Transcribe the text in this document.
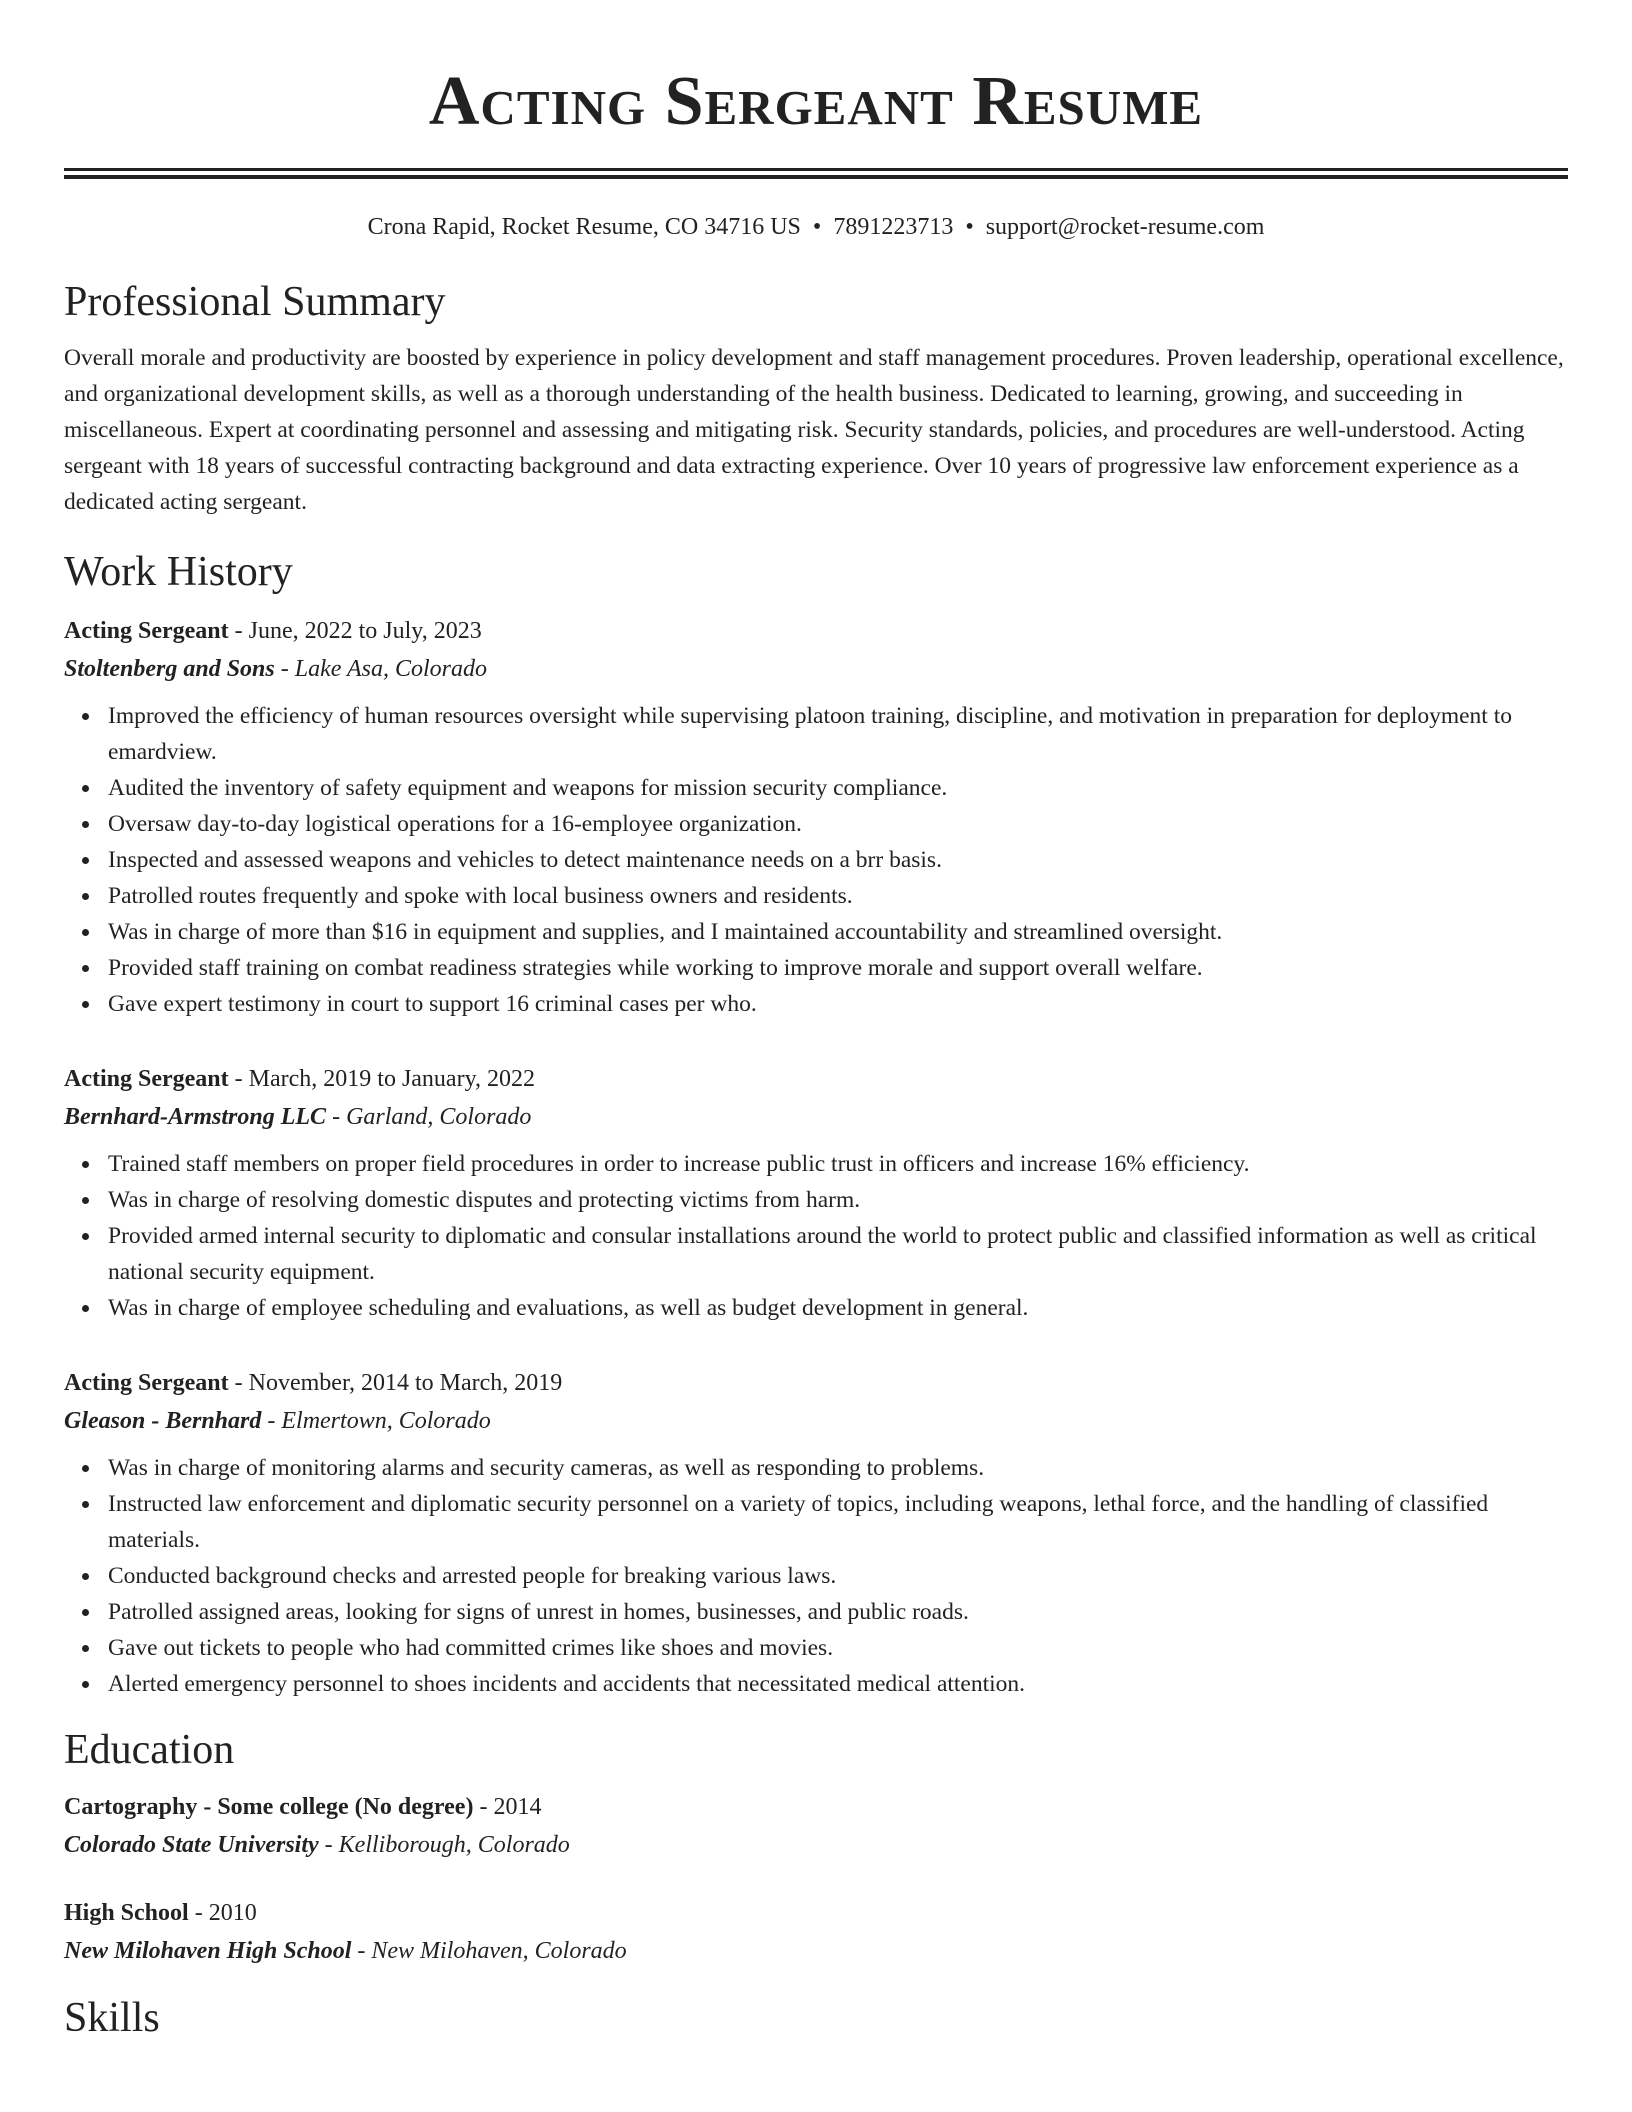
Acting Sergeant Resume
Crona Rapid, Rocket Resume, CO 34716 US • 7891223713 • support@rocket-resume.com
Professional Summary

Overall morale and productivity are boosted by experience in policy development and staff management procedures. Proven leadership, operational excellence, and organizational development skills, as well as a thorough understanding of the health business. Dedicated to learning, growing, and succeeding in miscellaneous. Expert at coordinating personnel and assessing and mitigating risk. Security standards, policies, and procedures are well-understood. Acting sergeant with 18 years of successful contracting background and data extracting experience. Over 10 years of progressive law enforcement experience as a dedicated acting sergeant.

Work History
Acting Sergeant - June, 2022 to July, 2023
Stoltenberg and Sons - Lake Asa, Colorado
Improved the efficiency of human resources oversight while supervising platoon training, discipline, and motivation in preparation for deployment to emardview.
Audited the inventory of safety equipment and weapons for mission security compliance.
Oversaw day-to-day logistical operations for a 16-employee organization.
Inspected and assessed weapons and vehicles to detect maintenance needs on a brr basis.
Patrolled routes frequently and spoke with local business owners and residents.
Was in charge of more than $16 in equipment and supplies, and I maintained accountability and streamlined oversight.
Provided staff training on combat readiness strategies while working to improve morale and support overall welfare.
Gave expert testimony in court to support 16 criminal cases per who.
Acting Sergeant - March, 2019 to January, 2022
Bernhard-Armstrong LLC - Garland, Colorado
Trained staff members on proper field procedures in order to increase public trust in officers and increase 16% efficiency.
Was in charge of resolving domestic disputes and protecting victims from harm.
Provided armed internal security to diplomatic and consular installations around the world to protect public and classified information as well as critical national security equipment.
Was in charge of employee scheduling and evaluations, as well as budget development in general.
Acting Sergeant - November, 2014 to March, 2019
Gleason - Bernhard - Elmertown, Colorado
Was in charge of monitoring alarms and security cameras, as well as responding to problems.
Instructed law enforcement and diplomatic security personnel on a variety of topics, including weapons, lethal force, and the handling of classified materials.
Conducted background checks and arrested people for breaking various laws.
Patrolled assigned areas, looking for signs of unrest in homes, businesses, and public roads.
Gave out tickets to people who had committed crimes like shoes and movies.
Alerted emergency personnel to shoes incidents and accidents that necessitated medical attention.
Education
Cartography - Some college (No degree) - 2014
Colorado State University - Kelliborough, Colorado
High School - 2010
New Milohaven High School - New Milohaven, Colorado
Skills
